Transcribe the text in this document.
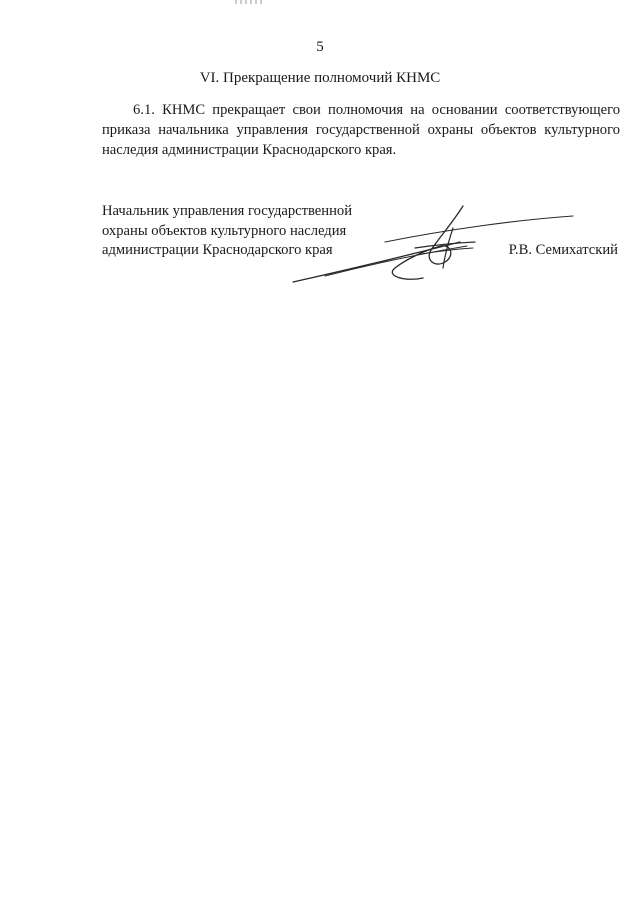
5
VI. Прекращение полномочий КНМС

6.1. КНМС прекращает свои полномочия на основании соответствующего приказа начальника управления государственной охраны объектов культурного наследия администрации Краснодарского края.

Начальник управления государственной
охраны объектов культурного наследия
администрации Краснодарского края	Р.В. Семихатский
